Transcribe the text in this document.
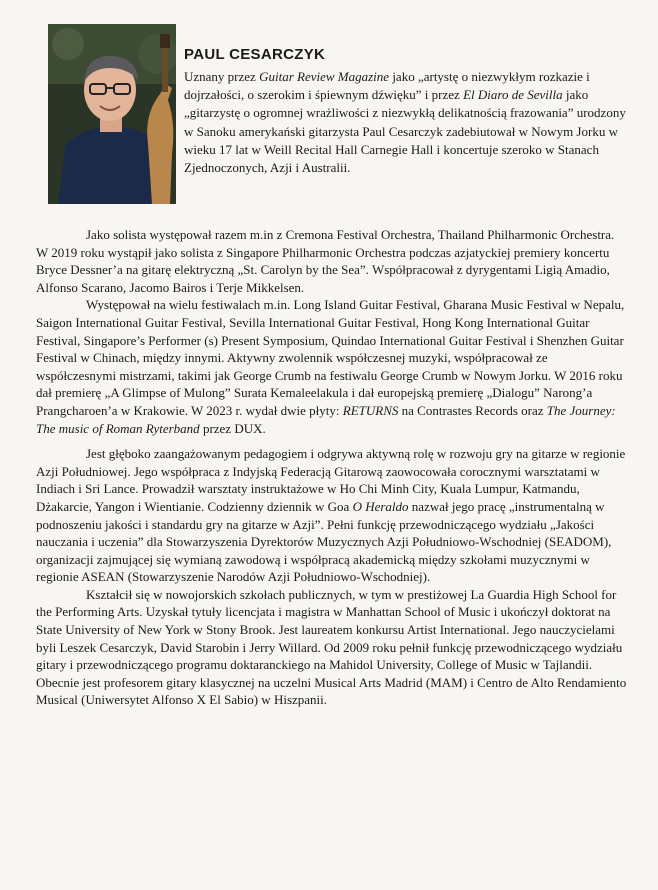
PAUL CESARCZYK

Uznany przez Guitar Review Magazine jako „artystę o niezwykłym rozkazie i dojrzałości, o szerokim i śpiewnym dźwięku” i przez El Diaro de Sevilla jako „gitarzystę o ogromnej wrażliwości z niezwykłą delikatnością frazowania” urodzony w Sanoku amerykański gitarzysta Paul Cesarczyk zadebiutował w Nowym Jorku w wieku 17 lat w Weill Recital Hall Carnegie Hall i koncertuje szeroko w Stanach Zjednoczonych, Azji i Australii.

Jako solista występował razem m.in z Cremona Festival Orchestra, Thailand Philharmonic Orchestra. W 2019 roku wystąpił jako solista z Singapore Philharmonic Orchestra podczas azjatyckiej premiery koncertu Bryce Dessner’a na gitarę elektryczną „St. Carolyn by the Sea”. Współpracował z dyrygentami Ligią Amadio, Alfonso Scarano, Jacomo Bairos i Terje Mikkelsen.

Występował na wielu festiwalach m.in. Long Island Guitar Festival, Gharana Music Festival w Nepalu, Saigon International Guitar Festival, Sevilla International Guitar Festival, Hong Kong International Guitar Festival, Singapore’s Performer (s) Present Symposium, Quindao International Guitar Festival i Shenzhen Guitar Festival w Chinach, między innymi. Aktywny zwolennik współczesnej muzyki, współpracował ze współczesnymi mistrzami, takimi jak George Crumb na festiwalu George Crumb w Nowym Jorku. W 2016 roku dał premierę „A Glimpse of Mulong” Surata Kemaleelakula i dał europejską premierę „Dialogu” Narong’a Prangcharoen’a w Krakowie. W 2023 r. wydał dwie płyty: RETURNS na Contrastes Records oraz The Journey: The music of Roman Ryterband przez DUX.

Jest głęboko zaangażowanym pedagogiem i odgrywa aktywną rolę w rozwoju gry na gitarze w regionie Azji Południowej. Jego współpraca z Indyjską Federacją Gitarową zaowocowała corocznymi warsztatami w Indiach i Sri Lance. Prowadził warsztaty instruktażowe w Ho Chi Minh City, Kuala Lumpur, Katmandu, Dżakarcie, Yangon i Wientianie. Codzienny dziennik w Goa O Heraldo nazwał jego pracę „instrumentalną w podnoszeniu jakości i standardu gry na gitarze w Azji”. Pełni funkcję przewodniczącego wydziału „Jakości nauczania i uczenia” dla Stowarzyszenia Dyrektorów Muzycznych Azji Południowo-Wschodniej (SEADOM), organizacji zajmującej się wymianą zawodową i współpracą akademicką między szkołami muzycznymi w regionie ASEAN (Stowarzyszenie Narodów Azji Południowo-Wschodniej).

Kształcił się w nowojorskich szkołach publicznych, w tym w prestiżowej La Guardia High School for the Performing Arts. Uzyskał tytuły licencjata i magistra w Manhattan School of Music i ukończył doktorat na State University of New York w Stony Brook. Jest laureatem konkursu Artist International. Jego nauczycielami byli Leszek Cesarczyk, David Starobin i Jerry Willard. Od 2009 roku pełnił funkcję przewodniczącego wydziału gitary i przewodniczącego programu doktaranckiego na Mahidol University, College of Music w Tajlandii. Obecnie jest profesorem gitary klasycznej na uczelni Musical Arts Madrid (MAM) i Centro de Alto Rendamiento Musical (Uniwersytet Alfonso X El Sabio) w Hiszpanii.
